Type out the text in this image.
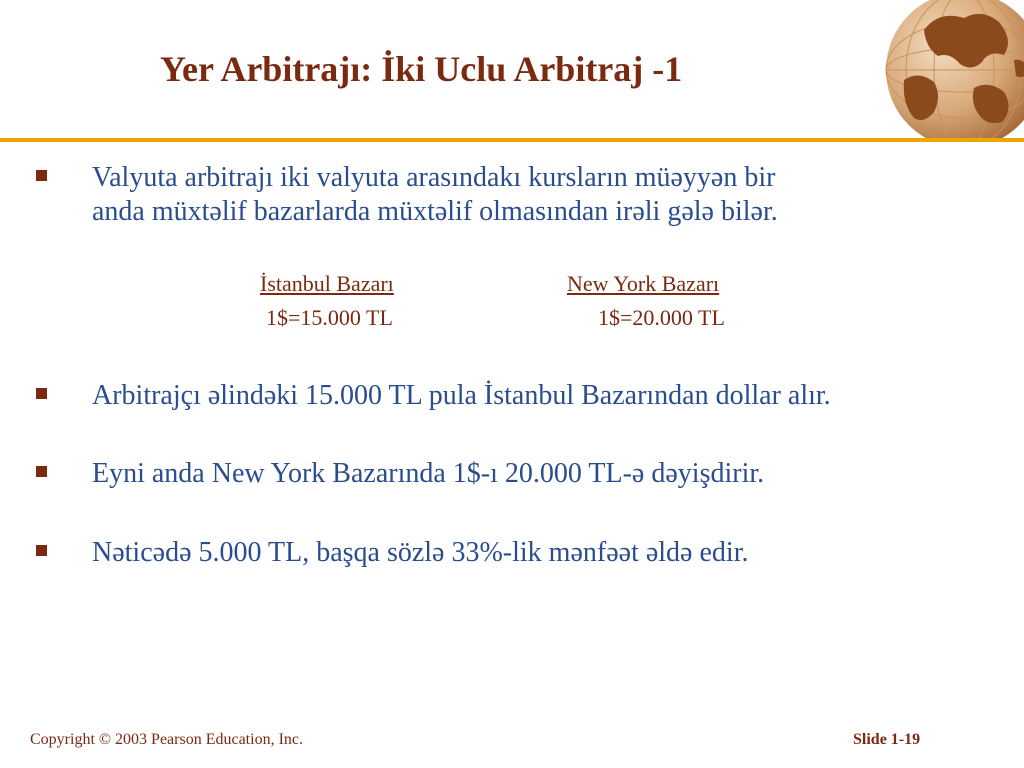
Yer Arbitrajı: İki Uclu Arbitraj -1

Valyuta arbitrajı iki valyuta arasındakı kursların müəyyən bir

anda müxtəlif bazarlarda müxtəlif olmasından irəli gələ bilər.

İstanbul Bazarı
1$=15.000 TL
New York Bazarı
1$=20.000 TL

Arbitrajçı əlindəki 15.000 TL pula İstanbul Bazarından dollar alır.

Eyni anda New York Bazarında 1$-ı 20.000 TL-ə dəyişdirir.

Nəticədə 5.000 TL, başqa sözlə 33%-lik mənfəət əldə edir.

Copyright © 2003 Pearson Education, Inc.	Slide 1-19
